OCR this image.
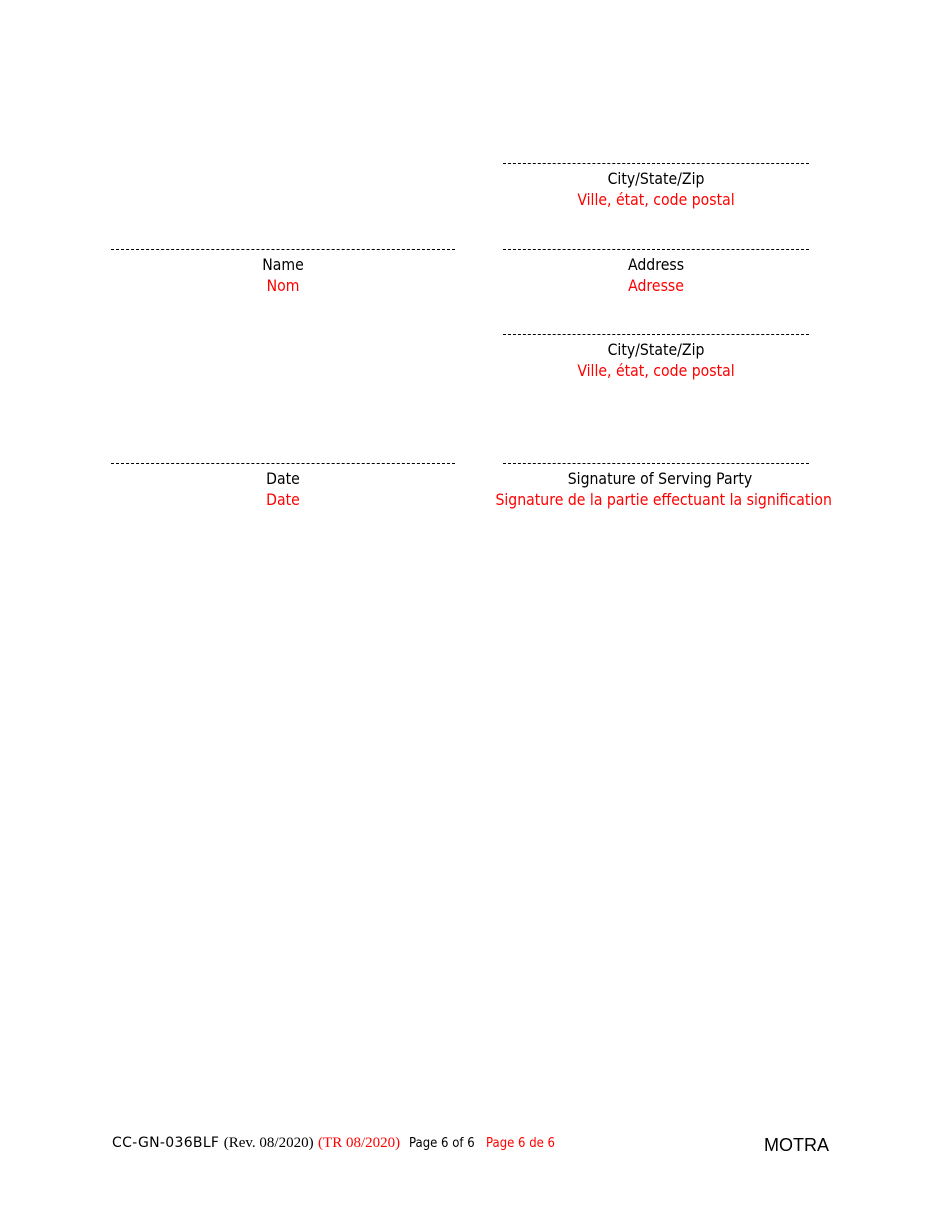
City/State/Zip
Ville, état, code postal
Name
Nom
Address
Adresse
City/State/Zip
Ville, état, code postal
Date
Date
Signature of Serving Party
Signature de la partie effectuant la signification
CC-GN-036BLF (Rev. 08/2020) (TR 08/2020) Page 6 of 6 Page 6 de 6	MOTRA
